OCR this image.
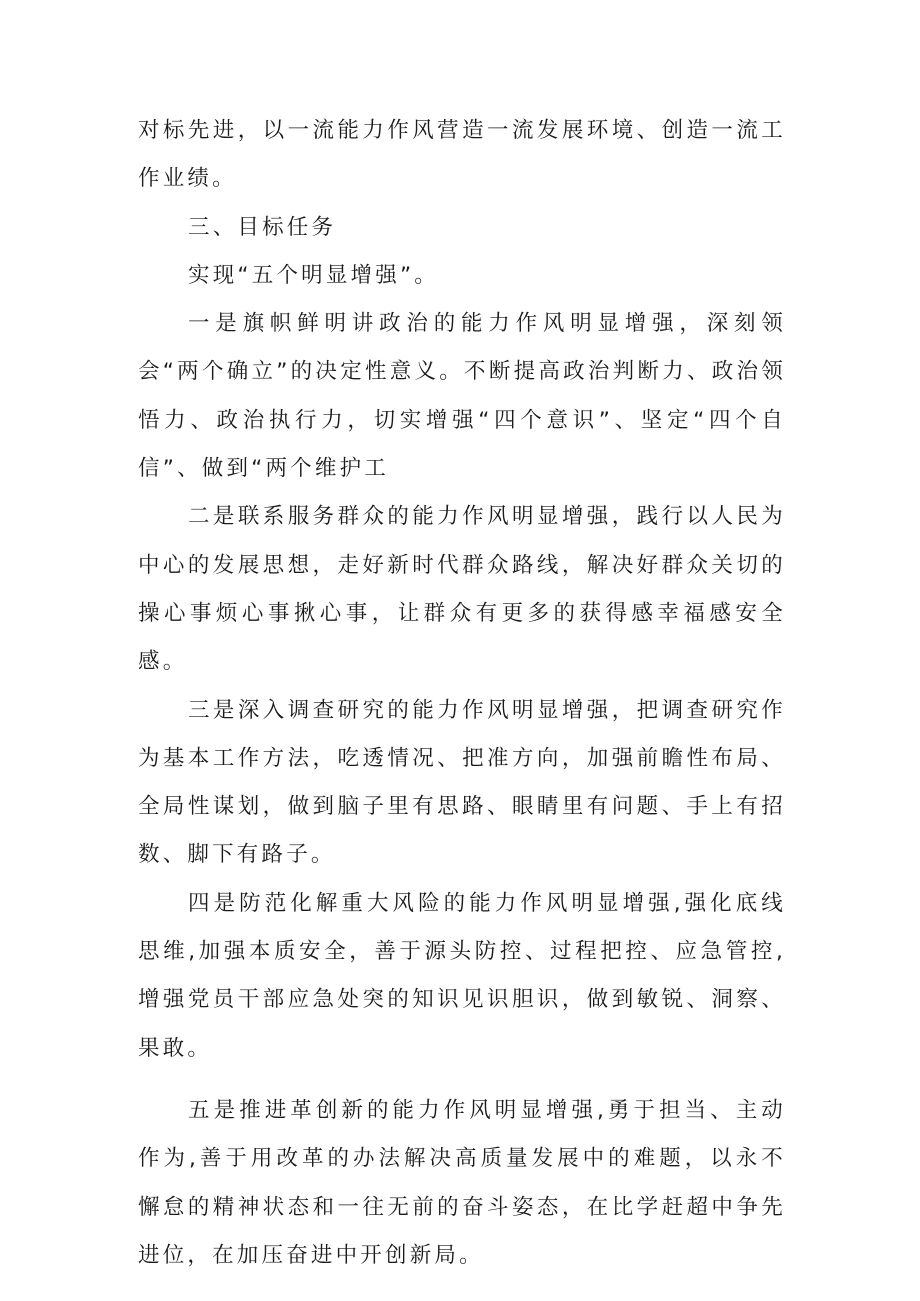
对标先进，以一流能力作风营造一流发展环境、创造一流工作业绩。

三、目标任务

实现“五个明显增强”。

一是旗帜鲜明讲政治的能力作风明显增强，深刻领会“两个确立”的决定性意义。不断提高政治判断力、政治领悟力、政治执行力，切实增强“四个意识”、坚定“四个自信”、做到“两个维护工

二是联系服务群众的能力作风明显增强，践行以人民为中心的发展思想，走好新时代群众路线，解决好群众关切的操心事烦心事揪心事，让群众有更多的获得感幸福感安全感。

三是深入调查研究的能力作风明显增强，把调查研究作为基本工作方法，吃透情况、把准方向，加强前瞻性布局、全局性谋划，做到脑子里有思路、眼睛里有问题、手上有招数、脚下有路子。

四是防范化解重大风险的能力作风明显增强,强化底线思维,加强本质安全，善于源头防控、过程把控、应急管控,增强党员干部应急处突的知识见识胆识，做到敏锐、洞察、果敢。

五是推进革创新的能力作风明显增强,勇于担当、主动作为,善于用改革的办法解决高质量发展中的难题，以永不懈怠的精神状态和一往无前的奋斗姿态，在比学赶超中争先进位，在加压奋进中开创新局。
